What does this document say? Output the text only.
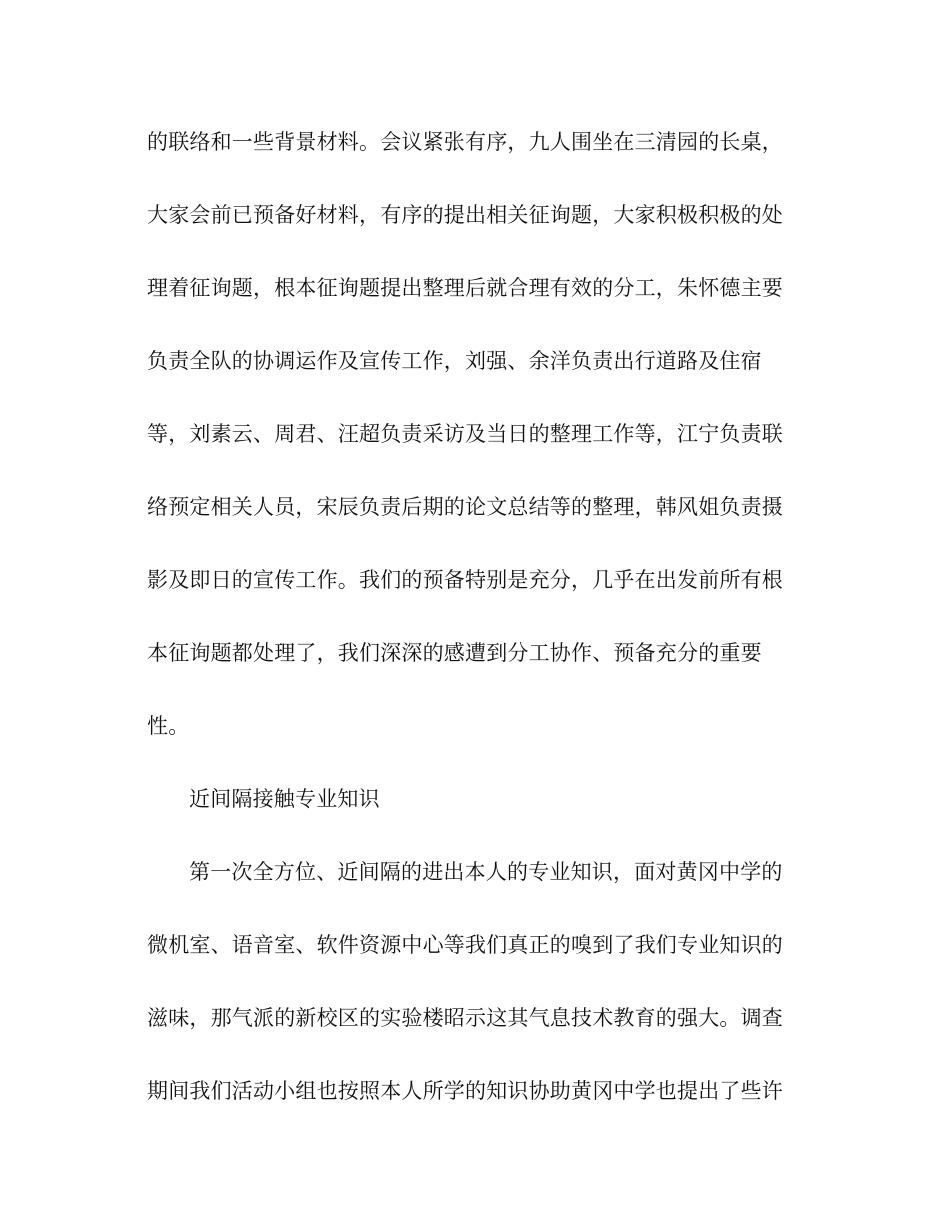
的联络和一些背景材料。会议紧张有序，九人围坐在三清园的长桌，
大家会前已预备好材料，有序的提出相关征询题，大家积极积极的处
理着征询题，根本征询题提出整理后就合理有效的分工，朱怀德主要
负责全队的协调运作及宣传工作，刘强、余洋负责出行道路及住宿
等，刘素云、周君、汪超负责采访及当日的整理工作等，江宁负责联
络预定相关人员，宋辰负责后期的论文总结等的整理，韩风姐负责摄
影及即日的宣传工作。我们的预备特别是充分，几乎在出发前所有根
本征询题都处理了，我们深深的感遭到分工协作、预备充分的重要
性。
近间隔接触专业知识
第一次全方位、近间隔的进出本人的专业知识，面对黄冈中学的
微机室、语音室、软件资源中心等我们真正的嗅到了我们专业知识的
滋味，那气派的新校区的实验楼昭示这其气息技术教育的强大。调查
期间我们活动小组也按照本人所学的知识协助黄冈中学也提出了些许
